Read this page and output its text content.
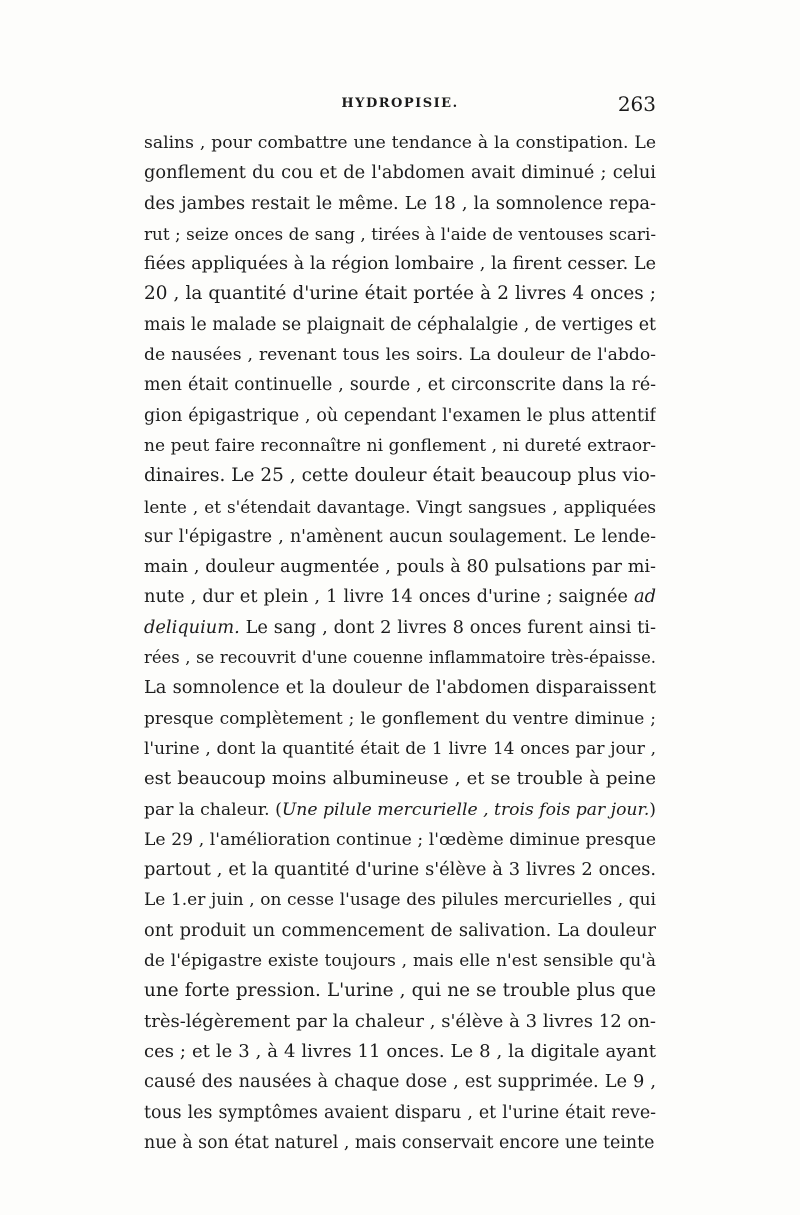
HYDROPISIE.	263
salins , pour combattre une tendance à la constipation. Le
gonflement du cou et de l'abdomen avait diminué ; celui
des jambes restait le même. Le 18 , la somnolence repa-
rut ; seize onces de sang , tirées à l'aide de ventouses scari-
fiées appliquées à la région lombaire , la firent cesser. Le
20 , la quantité d'urine était portée à 2 livres 4 onces ;
mais le malade se plaignait de céphalalgie , de vertiges et
de nausées , revenant tous les soirs. La douleur de l'abdo-
men était continuelle , sourde , et circonscrite dans la ré-
gion épigastrique , où cependant l'examen le plus attentif
ne peut faire reconnaître ni gonflement , ni dureté extraor-
dinaires. Le 25 , cette douleur était beaucoup plus vio-
lente , et s'étendait davantage. Vingt sangsues , appliquées
sur l'épigastre , n'amènent aucun soulagement. Le lende-
main , douleur augmentée , pouls à 80 pulsations par mi-
nute , dur et plein , 1 livre 14 onces d'urine ; saignée ad
deliquium. Le sang , dont 2 livres 8 onces furent ainsi ti-
rées , se recouvrit d'une couenne inflammatoire très-épaisse.
La somnolence et la douleur de l'abdomen disparaissent
presque complètement ; le gonflement du ventre diminue ;
l'urine , dont la quantité était de 1 livre 14 onces par jour ,
est beaucoup moins albumineuse , et se trouble à peine
par la chaleur. (Une pilule mercurielle , trois fois par jour.)
Le 29 , l'amélioration continue ; l'œdème diminue presque
partout , et la quantité d'urine s'élève à 3 livres 2 onces.
Le 1.er juin , on cesse l'usage des pilules mercurielles , qui
ont produit un commencement de salivation. La douleur
de l'épigastre existe toujours , mais elle n'est sensible qu'à
une forte pression. L'urine , qui ne se trouble plus que
très-légèrement par la chaleur , s'élève à 3 livres 12 on-
ces ; et le 3 , à 4 livres 11 onces. Le 8 , la digitale ayant
causé des nausées à chaque dose , est supprimée. Le 9 ,
tous les symptômes avaient disparu , et l'urine était reve-
nue à son état naturel , mais conservait encore une teinte
